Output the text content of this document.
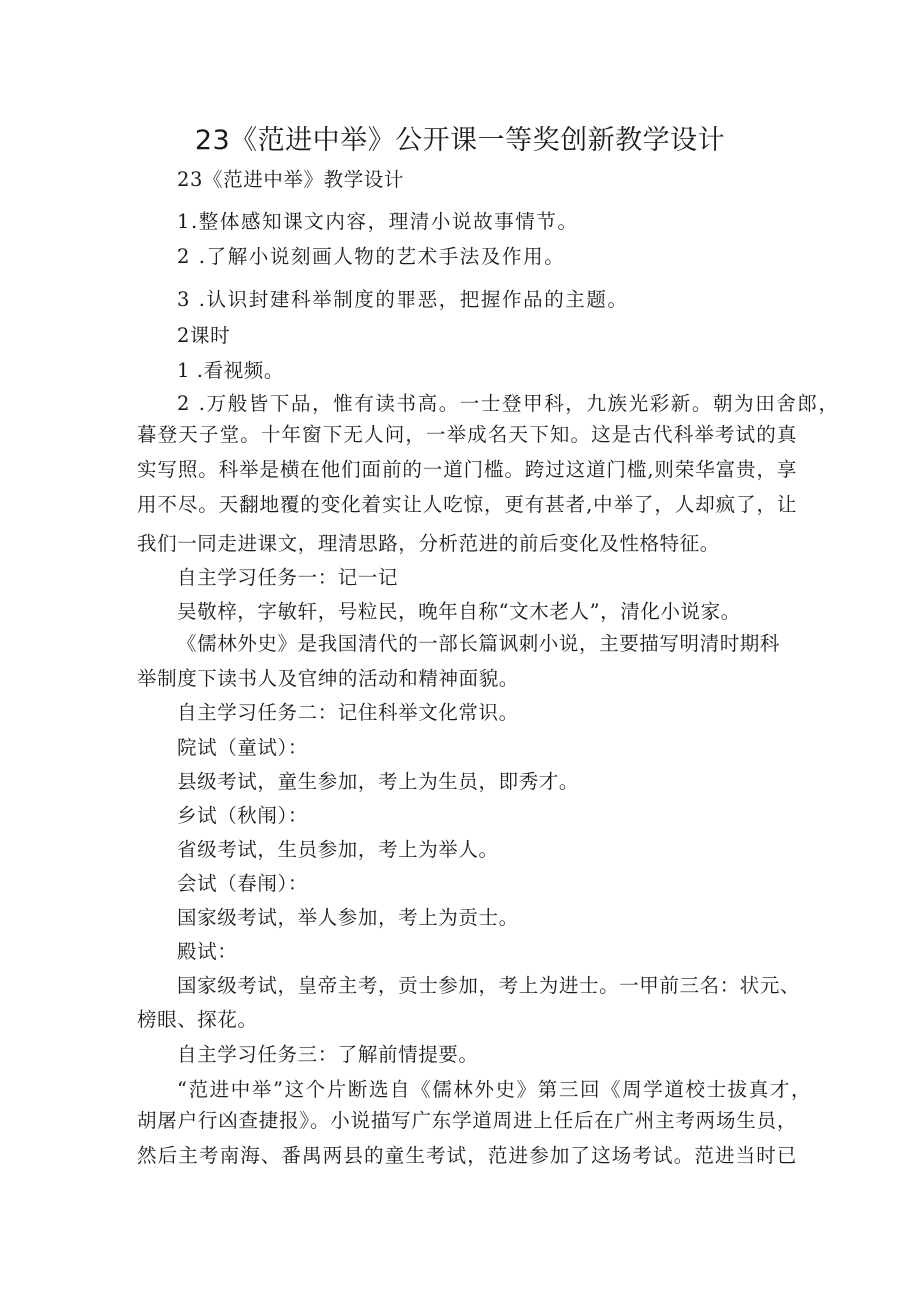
23《范进中举》公开课一等奖创新教学设计
23《范进中举》教学设计
1.整体感知课文内容，理清小说故事情节。
2 .了解小说刻画人物的艺术手法及作用。
3 .认识封建科举制度的罪恶，把握作品的主题。
2课时
1 .看视频。
2 .万般皆下品，惟有读书高。一士登甲科，九族光彩新。朝为田舍郎，
暮登天子堂。十年窗下无人问，一举成名天下知。这是古代科举考试的真
实写照。科举是横在他们面前的一道门槛。跨过这道门槛,则荣华富贵，享
用不尽。天翻地覆的变化着实让人吃惊，更有甚者,中举了，人却疯了，让
我们一同走进课文，理清思路，分析范进的前后变化及性格特征。
自主学习任务一：记一记
吴敬梓，字敏轩，号粒民，晚年自称“文木老人”，清化小说家。
《儒林外史》是我国清代的一部长篇讽刺小说，主要描写明清时期科
举制度下读书人及官绅的活动和精神面貌。
自主学习任务二：记住科举文化常识。
院试（童试）：
县级考试，童生参加，考上为生员，即秀才。
乡试（秋闱）：
省级考试，生员参加，考上为举人。
会试（春闱）：
国家级考试，举人参加，考上为贡士。
殿试：
国家级考试，皇帝主考，贡士参加，考上为进士。一甲前三名：状元、
榜眼、探花。
自主学习任务三：了解前情提要。
“范进中举”这个片断选自《儒林外史》第三回《周学道校士拔真才，
胡屠户行凶查捷报》。小说描写广东学道周进上任后在广州主考两场生员，
然后主考南海、番禺两县的童生考试，范进参加了这场考试。范进当时已
